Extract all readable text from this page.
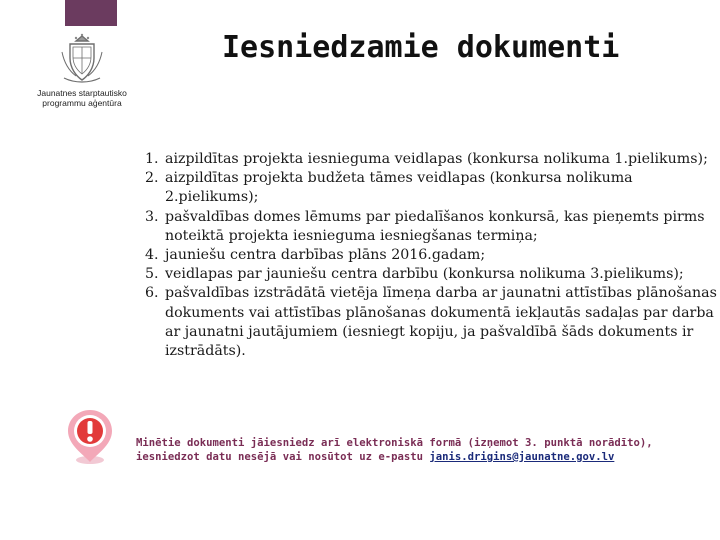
Jaunatnes starptautisko
programmu aģentūra
Iesniedzamie dokumenti
1. aizpildītas projekta iesnieguma veidlapas (konkursa nolikuma 1.pielikums);
2. aizpildītas projekta budžeta tāmes veidlapas (konkursa nolikuma 2.pielikums);
3. pašvaldības domes lēmums par piedalīšanos konkursā, kas pieņemts pirms noteiktā projekta iesnieguma iesniegšanas termiņa;
4. jauniešu centra darbības plāns 2016.gadam;
5. veidlapas par jauniešu centra darbību (konkursa nolikuma 3.pielikums);
6. pašvaldības izstrādātā vietēja līmeņa darba ar jaunatni attīstības plānošanas dokuments vai attīstības plānošanas dokumentā iekļautās sadaļas par darba ar jaunatni jautājumiem (iesniegt kopiju, ja pašvaldībā šāds dokuments ir izstrādāts).
Minētie dokumenti jāiesniedz arī elektroniskā formā (izņemot 3. punktā norādīto), iesniedzot datu nesējā vai nosūtot uz e-pastu janis.drigins@jaunatne.gov.lv
